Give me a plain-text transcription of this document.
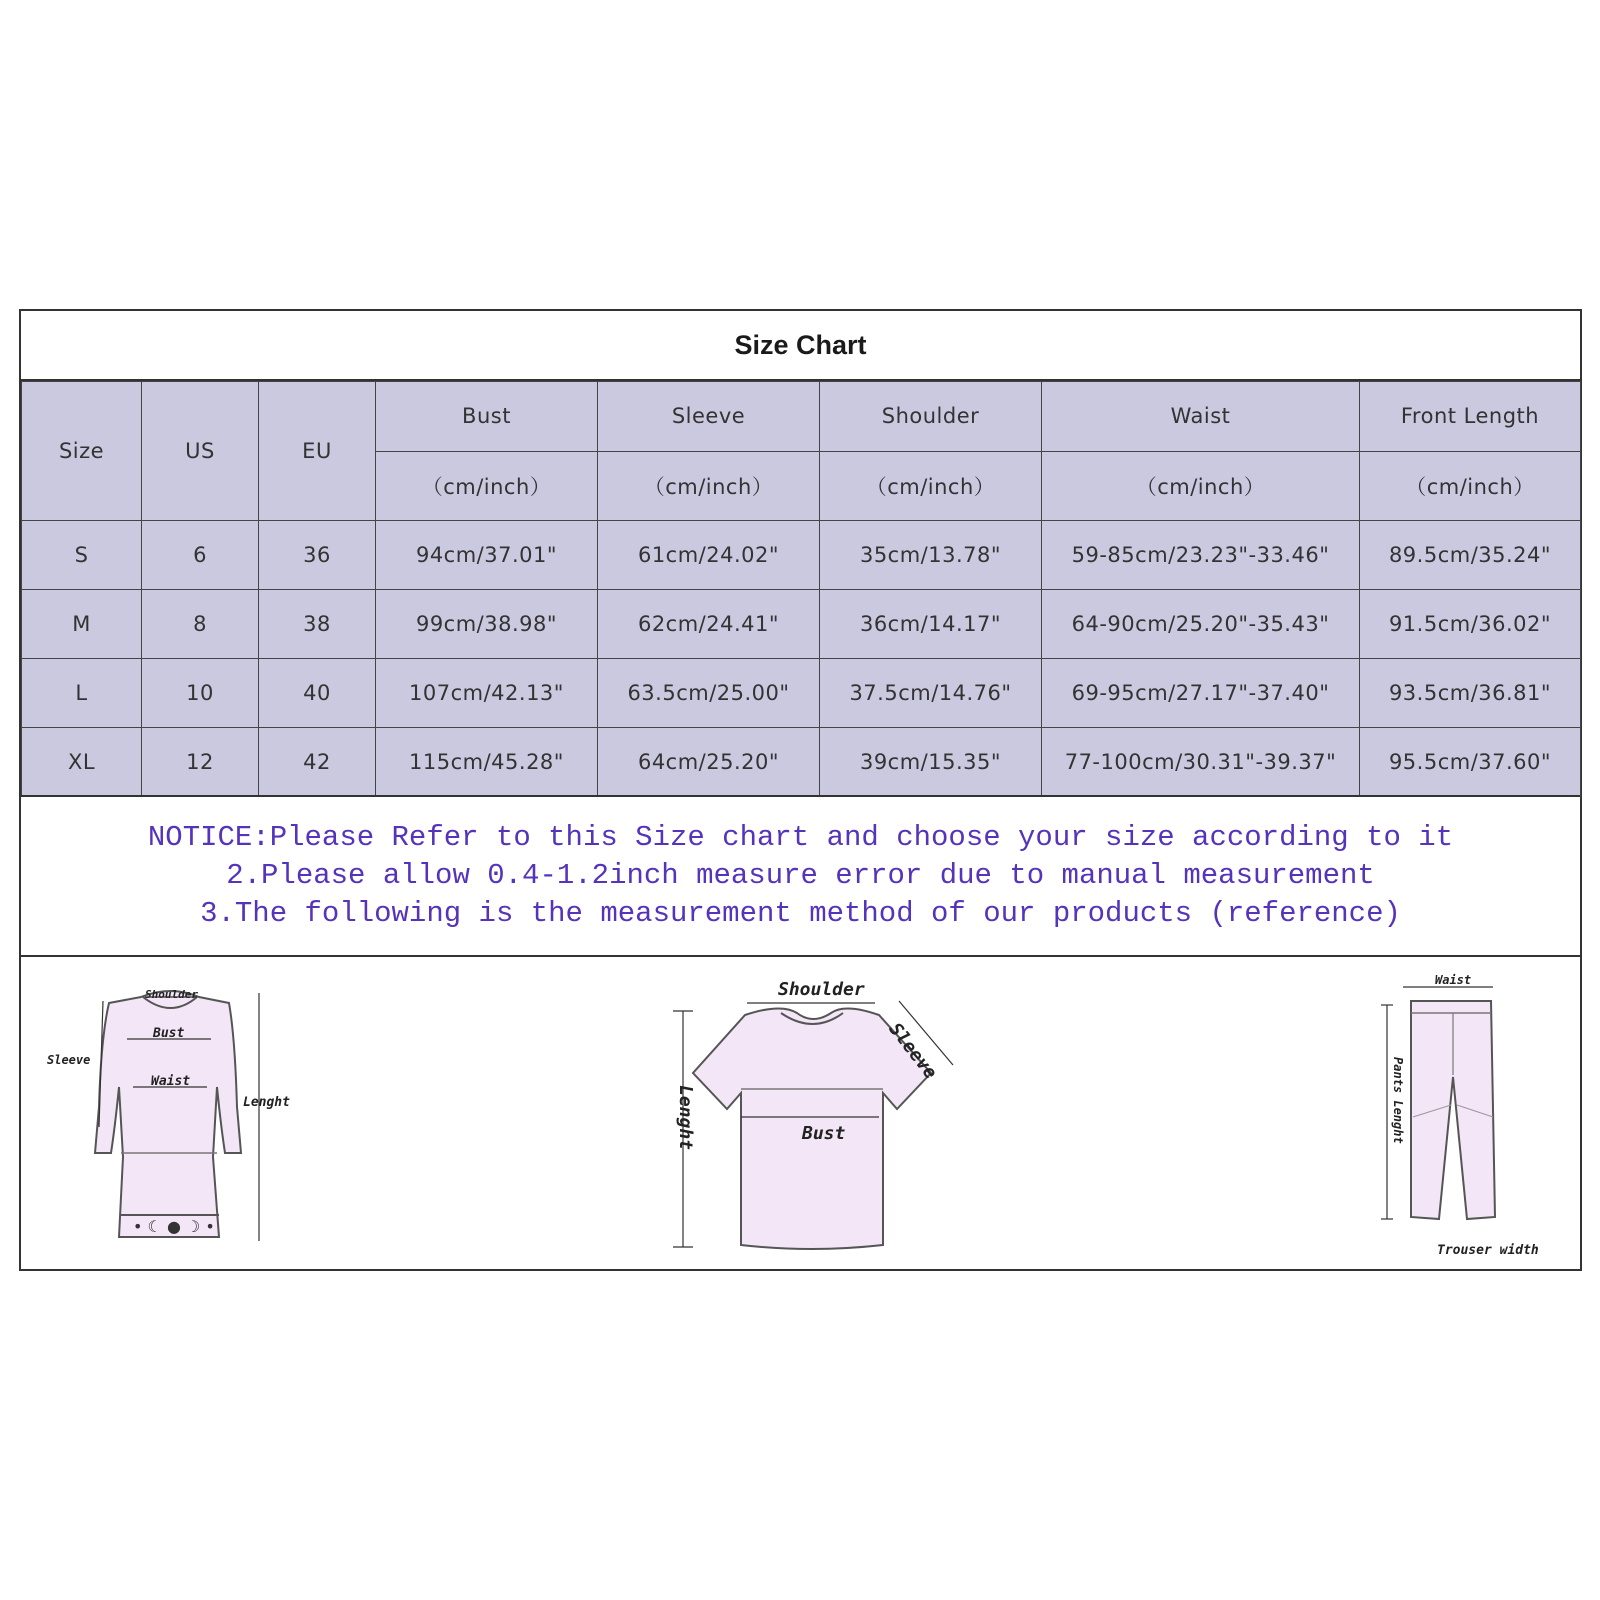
Size Chart
Size	US	EU	Bust	Sleeve	Shoulder	Waist	Front Length
			（cm/inch）	（cm/inch）	（cm/inch）	（cm/inch）	（cm/inch）
S	6	36	94cm/37.01"	61cm/24.02"	35cm/13.78"	59-85cm/23.23"-33.46"	89.5cm/35.24"
M	8	38	99cm/38.98"	62cm/24.41"	36cm/14.17"	64-90cm/25.20"-35.43"	91.5cm/36.02"
L	10	40	107cm/42.13"	63.5cm/25.00"	37.5cm/14.76"	69-95cm/27.17"-37.40"	93.5cm/36.81"
XL	12	42	115cm/45.28"	64cm/25.20"	39cm/15.35"	77-100cm/30.31"-39.37"	95.5cm/37.60"
NOTICE:Please Refer to this Size chart and choose your size according to it
2.Please allow 0.4-1.2inch measure error due to manual measurement
3.The following is the measurement method of our products (reference)
• ☾ ● ☽ •
Shoulder
Bust
Waist
Sleeve
Lenght
Shoulder
Sleeve
Bust
Lenght
Waist
Pants Lenght
Trouser width
